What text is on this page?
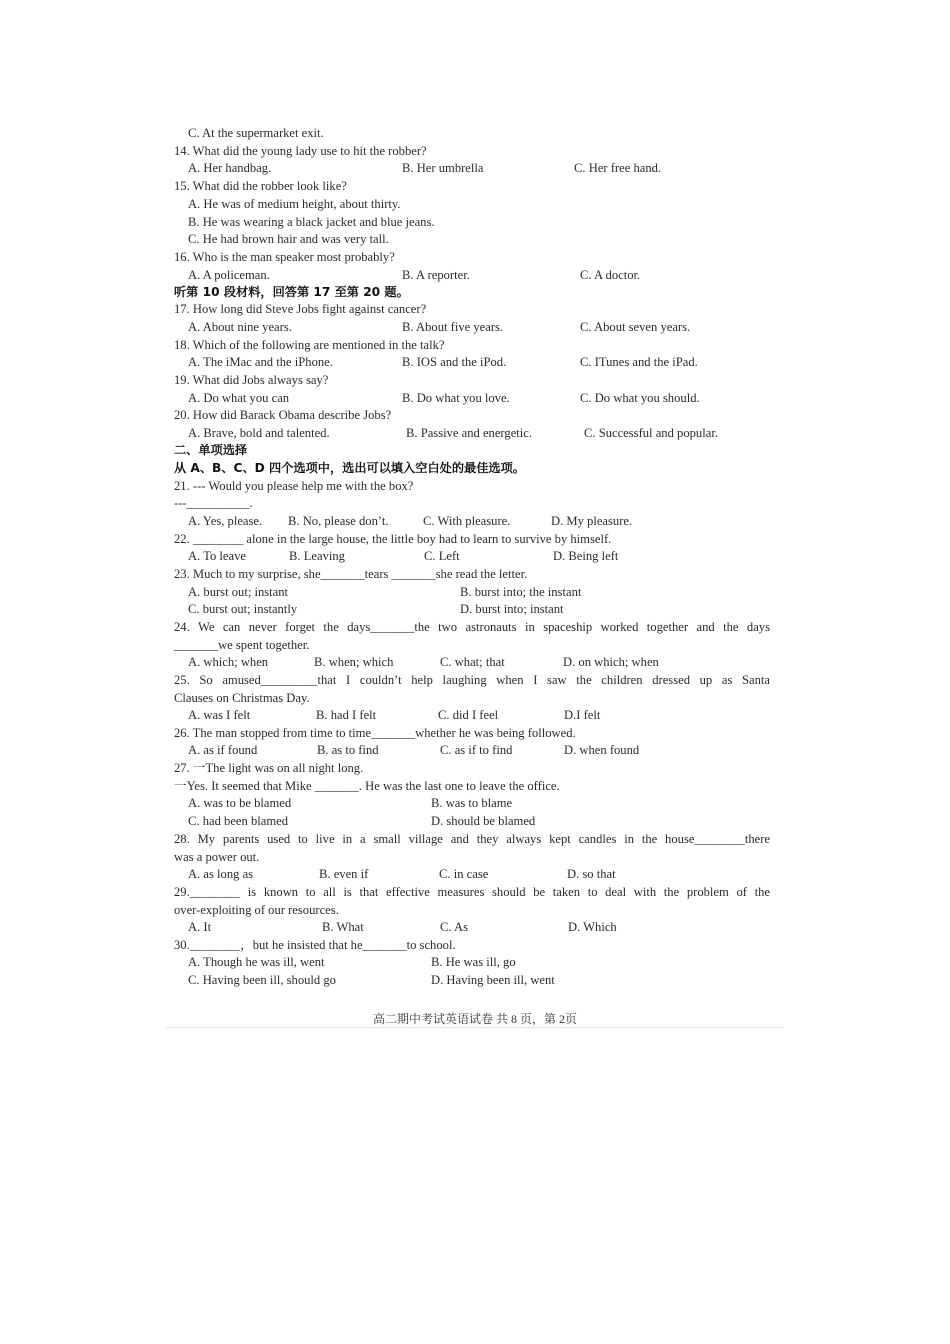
C. At the supermarket exit.
14. What did the young lady use to hit the robber?
A. Her handbag.	B. Her umbrella	C. Her free hand.
15. What did the robber look like?
A. He was of medium height, about thirty.
B. He was wearing a black jacket and blue jeans.
C. He had brown hair and was very tall.
16. Who is the man speaker most probably?
A. A policeman.	B. A reporter.	C. A doctor.
听第 10 段材料，回答第 17 至第 20 题。
17. How long did Steve Jobs fight against cancer?
A. About nine years.	B. About five years.	C. About seven years.
18. Which of the following are mentioned in the talk?
A. The iMac and the iPhone.	B. IOS and the iPod.	C. ITunes and the iPad.
19. What did Jobs always say?
A. Do what you can	B. Do what you love.	C. Do what you should.
20. How did Barack Obama describe Jobs?
A. Brave, bold and talented.	B. Passive and energetic.	C. Successful and popular.
二、单项选择
从 A、B、C、D 四个选项中，选出可以填入空白处的最佳选项。
21. --- Would you please help me with the box?
---__________.
A. Yes, please. B. No, please don’t.	C. With pleasure.	D. My pleasure.
22. ________ alone in the large house, the little boy had to learn to survive by himself.
A. To leave	B. Leaving	C. Left	D. Being left
23. Much to my surprise, she_______tears _______she read the letter.
A. burst out; instant	B. burst into; the instant
C. burst out; instantly	D. burst into; instant
24. We can never forget the days_______the two astronauts in spaceship worked together and the days
_______we spent together.
A. which; when	B. when; which	C. what; that	D. on which; when
25. So amused_________that I couldn’t help laughing when I saw the children dressed up as Santa
Clauses on Christmas Day.
A. was I felt	B. had I felt	C. did I feel	D.I felt
26. The man stopped from time to time_______whether he was being followed.
A. as if found	B. as to find	C. as if to find	D. when found
27. 一The light was on all night long.
一Yes. It seemed that Mike _______. He was the last one to leave the office.
A. was to be blamed	B. was to blame
C. had been blamed	D. should be blamed
28. My parents used to live in a small village and they always kept candles in the house________there
was a power out.
A. as long as	B. even if	C. in case	D. so that
29.________ is known to all is that effective measures should be taken to deal with the problem of the
over-exploiting of our resources.
A. It	B. What	C. As	D. Which
30.________，but he insisted that he_______to school.
A. Though he was ill, went	B. He was ill, go
C. Having been ill, should go	D. Having been ill, went
高二期中考试英语试卷 共 8 页，第 2页
